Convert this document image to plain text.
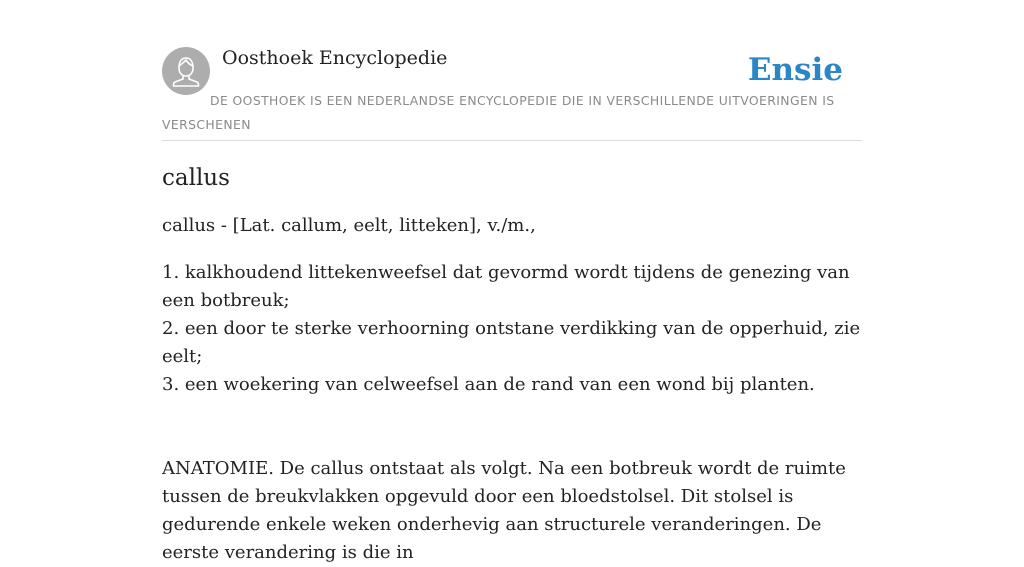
Oosthoek Encyclopedie	Ensie
DE OOSTHOEK IS EEN NEDERLANDSE ENCYCLOPEDIE DIE IN VERSCHILLENDE UITVOERINGEN IS VERSCHENEN
callus

callus - [Lat. callum, eelt, litteken], v./m.,

1. kalkhoudend littekenweefsel dat gevormd wordt tijdens de genezing van een botbreuk;
2. een door te sterke verhoorning ontstane verdikking van de opperhuid, zie eelt;
3. een woekering van celweefsel aan de rand van een wond bij planten.

ANATOMIE. De callus ontstaat als volgt. Na een botbreuk wordt de ruimte tussen de breukvlakken opgevuld door een bloedstolsel. Dit stolsel is gedurende enkele weken onderhevig aan structurele veranderingen. De eerste verandering is die in
